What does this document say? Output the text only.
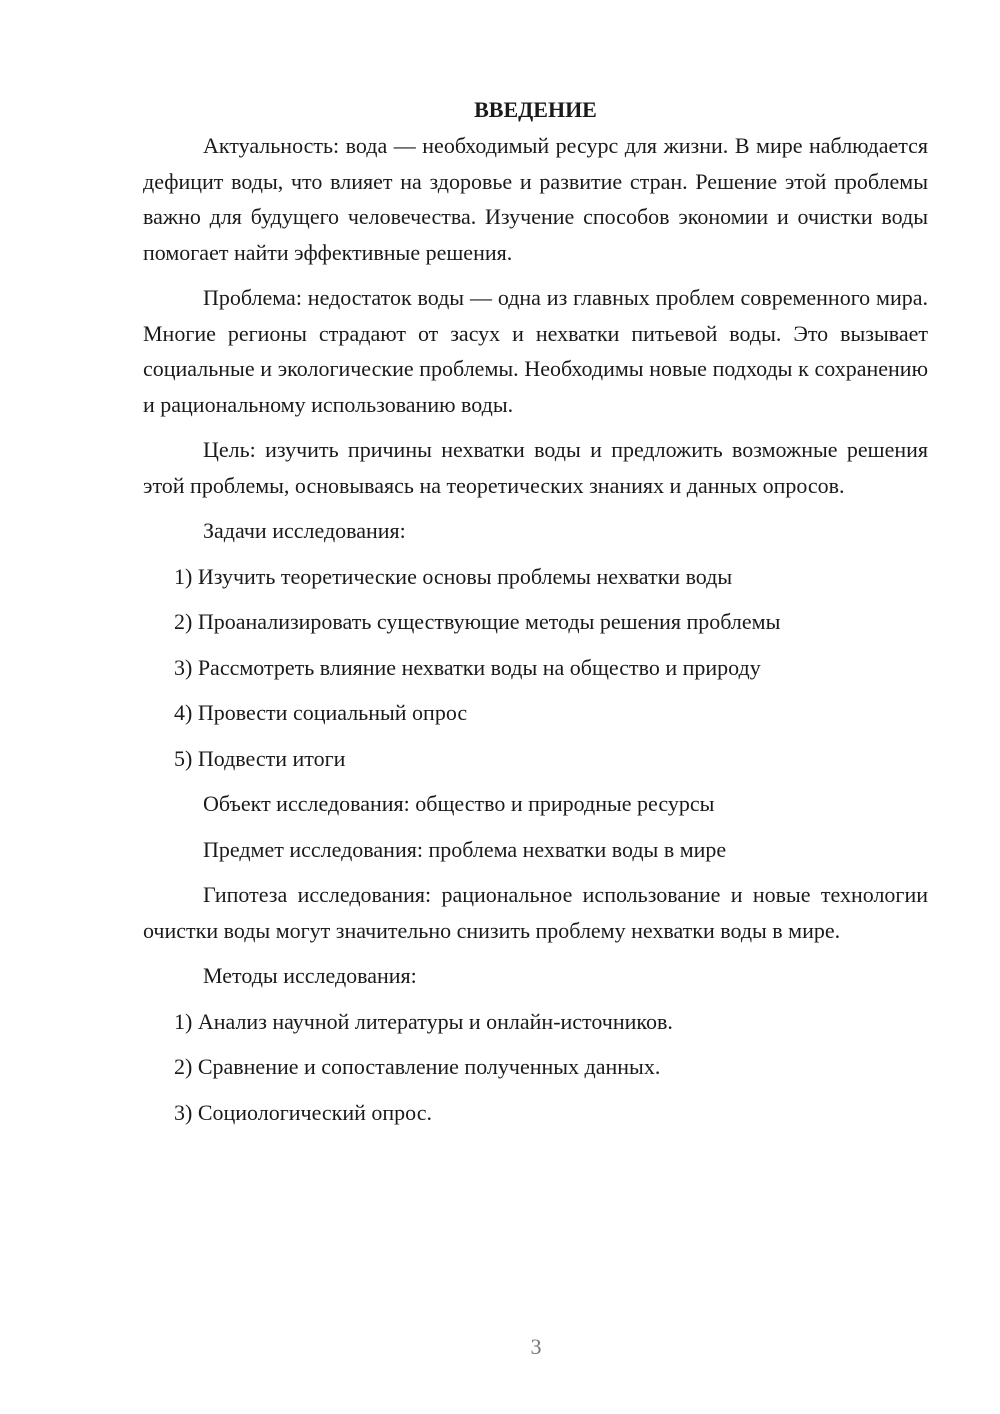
ВВЕДЕНИЕ

Актуальность: вода — необходимый ресурс для жизни. В мире наблюдается дефицит воды, что влияет на здоровье и развитие стран. Решение этой проблемы важно для будущего человечества. Изучение способов экономии и очистки воды помогает найти эффективные решения.

Проблема: недостаток воды — одна из главных проблем современного мира. Многие регионы страдают от засух и нехватки питьевой воды. Это вызывает социальные и экологические проблемы. Необходимы новые подходы к сохранению и рациональному использованию воды.

Цель: изучить причины нехватки воды и предложить возможные решения этой проблемы, основываясь на теоретических знаниях и данных опросов.

Задачи исследования:

1) Изучить теоретические основы проблемы нехватки воды

2) Проанализировать существующие методы решения проблемы

3) Рассмотреть влияние нехватки воды на общество и природу

4) Провести социальный опрос

5) Подвести итоги

Объект исследования: общество и природные ресурсы

Предмет исследования: проблема нехватки воды в мире

Гипотеза исследования: рациональное использование и новые технологии очистки воды могут значительно снизить проблему нехватки воды в мире.

Методы исследования:

1) Анализ научной литературы и онлайн-источников.

2) Сравнение и сопоставление полученных данных.

3) Социологический опрос.

3
